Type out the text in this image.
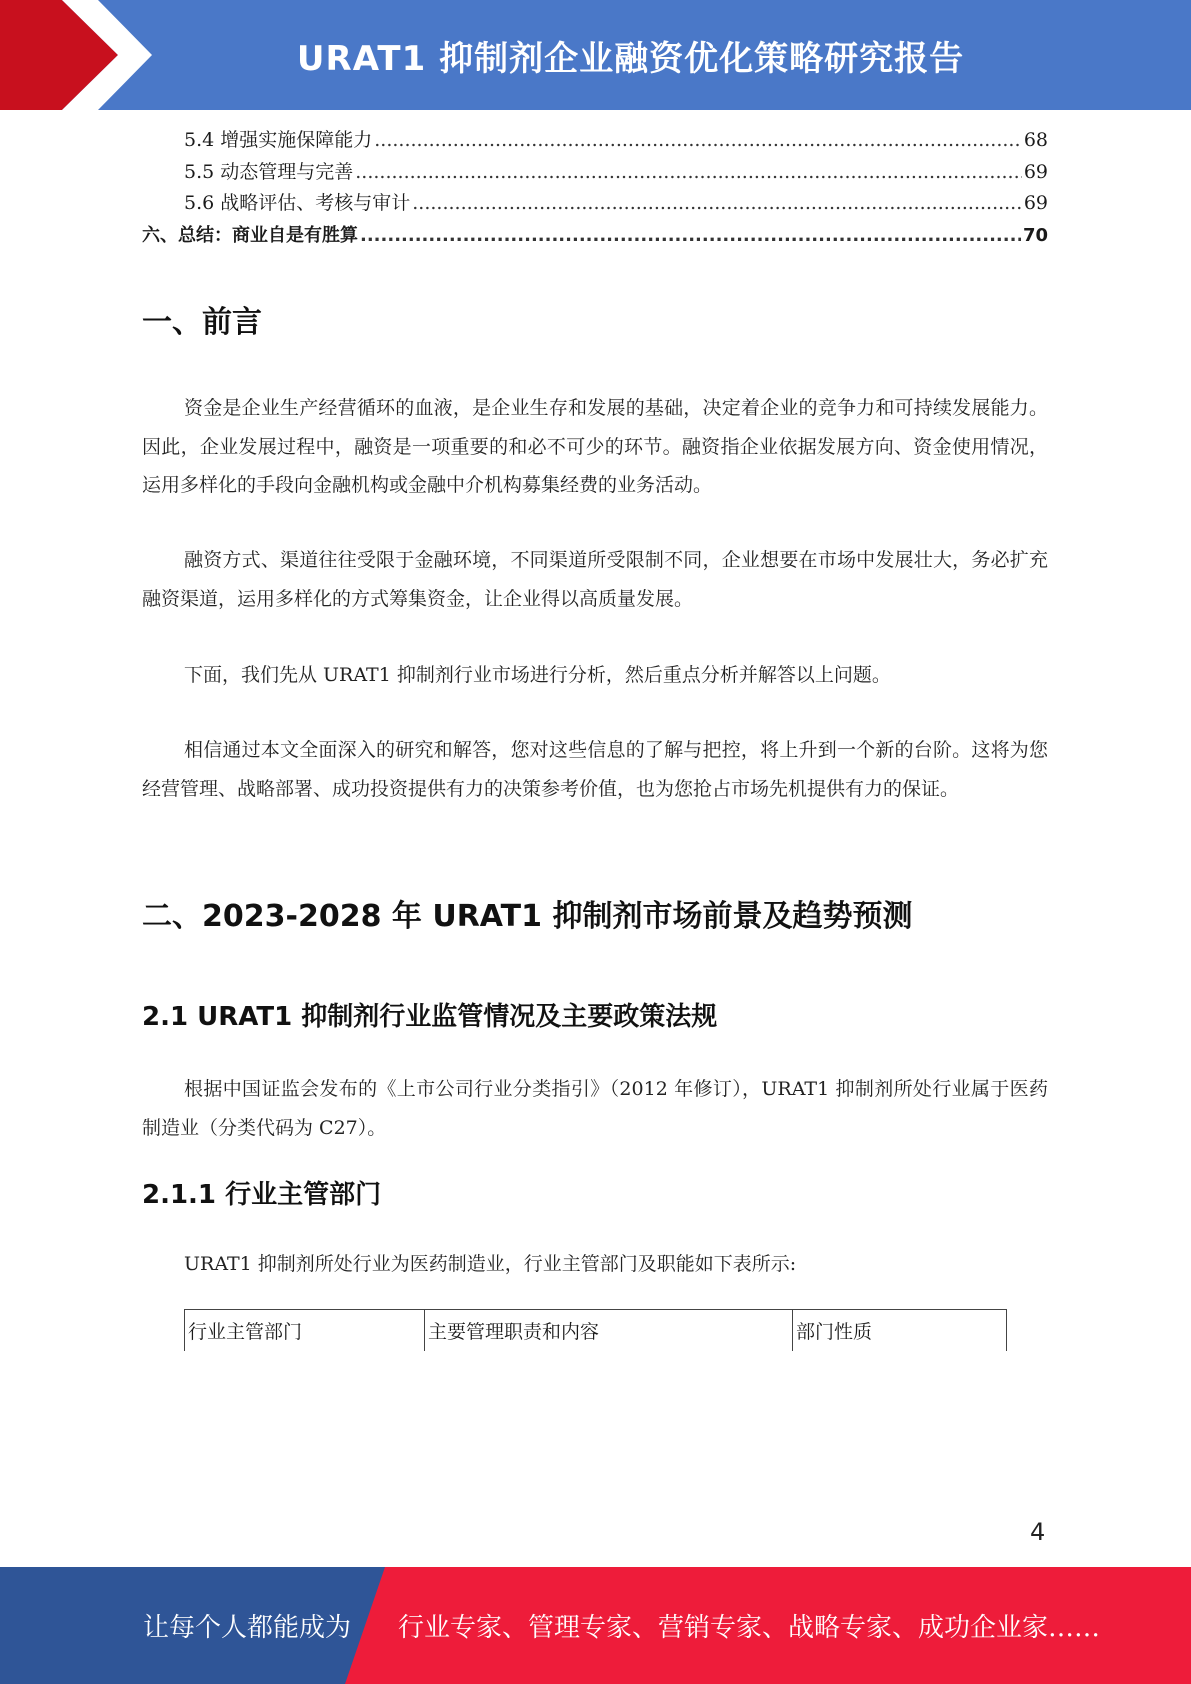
URAT1 抑制剂企业融资优化策略研究报告
5.4 增强实施保障能力 .....	68
5.5 动态管理与完善 .....	69
5.6 战略评估、考核与审计 .....	69
六、总结：商业自是有胜算 .....	70
一、前言

资金是企业生产经营循环的血液，是企业生存和发展的基础，决定着企业的竞争力和可持续发展能力。因此，企业发展过程中，融资是一项重要的和必不可少的环节。融资指企业依据发展方向、资金使用情况，运用多样化的手段向金融机构或金融中介机构募集经费的业务活动。

融资方式、渠道往往受限于金融环境，不同渠道所受限制不同，企业想要在市场中发展壮大，务必扩充融资渠道，运用多样化的方式筹集资金，让企业得以高质量发展。

下面，我们先从 URAT1 抑制剂行业市场进行分析，然后重点分析并解答以上问题。

相信通过本文全面深入的研究和解答，您对这些信息的了解与把控，将上升到一个新的台阶。这将为您经营管理、战略部署、成功投资提供有力的决策参考价值，也为您抢占市场先机提供有力的保证。

二、2023-2028 年 URAT1 抑制剂市场前景及趋势预测
2.1 URAT1 抑制剂行业监管情况及主要政策法规

根据中国证监会发布的《上市公司行业分类指引》（2012 年修订），URAT1 抑制剂所处行业属于医药制造业（分类代码为 C27）。

2.1.1 行业主管部门

URAT1 抑制剂所处行业为医药制造业，行业主管部门及职能如下表所示:

行业主管部门	主要管理职责和内容	部门性质
4
让每个人都能成为 行业专家、管理专家、营销专家、战略专家、成功企业家……
